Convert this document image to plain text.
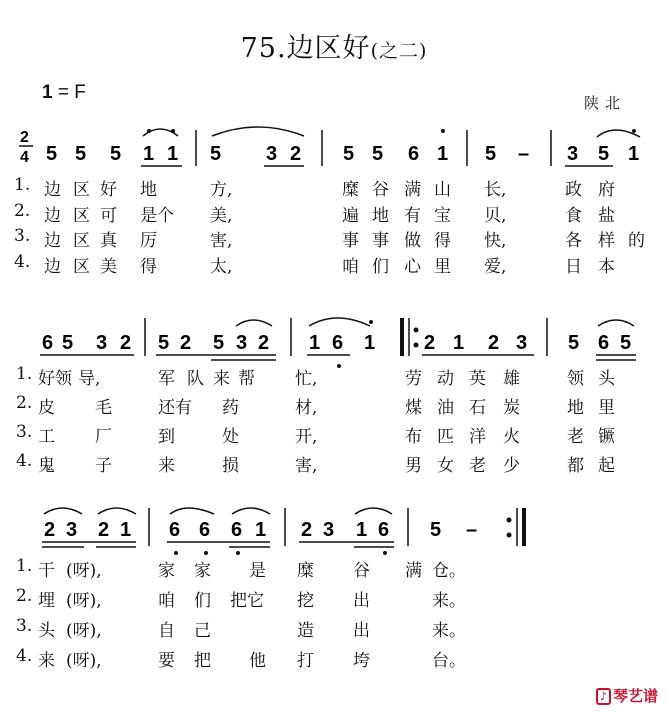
75.边区好(之二)
1 = F	陕北
2
4 5 5 5 1 1 5 3 2 5 5 6 1 5 – 3 5 1
6 5 3 2 5 2 5 3 2 1 6 1 2 1 2 3 5 6 5
2 3 2 1 6 6 6 1 2 3 1 6 5 –
1. 边 区 好 地	方,	糜 谷 满 山 长,	政 府
2. 边 区 可 是个 美,	遍 地 有 宝 贝,	食 盐
3. 边 区 真 厉	害,	事 事 做 得 快,	各 样 的
4. 边 区 美 得	太,	咱 们 心 里 爱,	日 本
1. 好领 导,	军 队 来 帮 忙,	劳 动 英 雄	领 头
2. 皮 毛	还有 药	材,	煤 油 石 炭	地 里
3. 工 厂	到	处	开,	布 匹 洋 火	老 镢
4. 鬼 子	来	损	害,	男 女 老 少	都 起
1. 干 (呀),	家 家 是 糜 谷 满 仓。
2. 埋 (呀),	咱 们 把它 挖 出	来。
3. 头 (呀),	自 己	造 出	来。
4. 来 (呀),	要 把 他 打 垮	台。
♪ 琴艺谱
